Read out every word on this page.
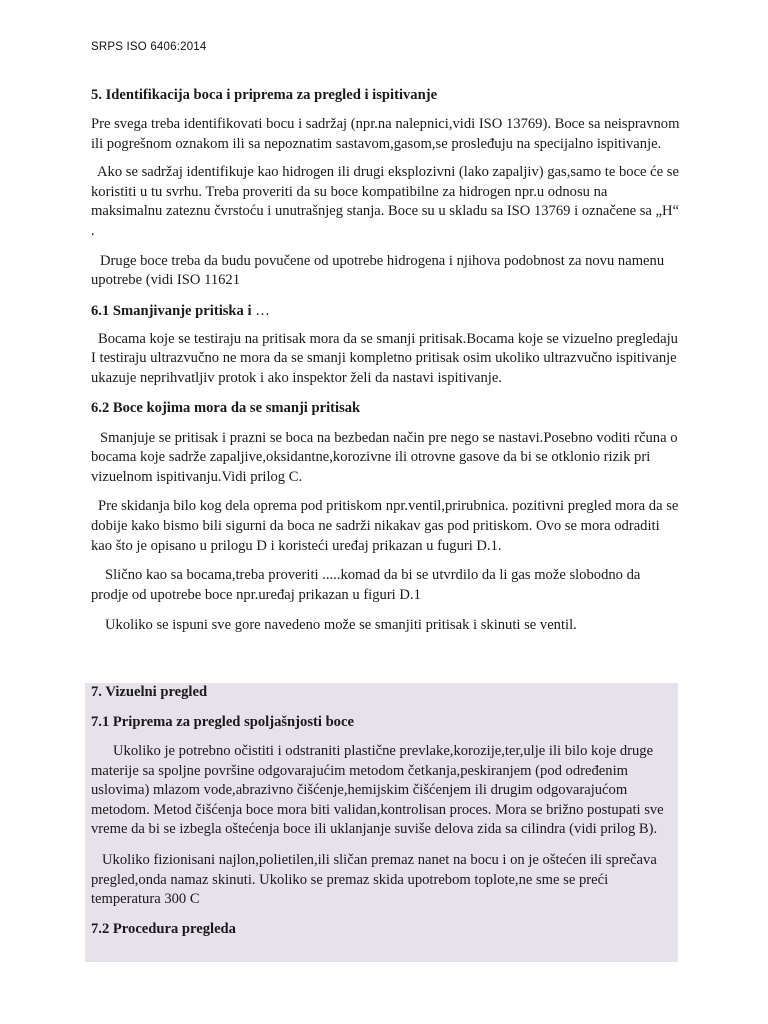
SRPS ISO 6406:2014
5. Identifikacija boca i priprema za pregled i ispitivanje

Pre svega treba identifikovati bocu i sadržaj (npr.na nalepnici,vidi ISO 13769). Boce sa neispravnom ili pogrešnom oznakom ili sa nepoznatim sastavom,gasom,se prosleđuju na specijalno ispitivanje.

Ako se sadržaj identifikuje kao hidrogen ili drugi eksplozivni (lako zapaljiv) gas,samo te boce će se koristiti u tu svrhu. Treba proveriti da su boce kompatibilne za hidrogen npr.u odnosu na maksimalnu zateznu čvrstoću i unutrašnjeg stanja. Boce su u skladu sa ISO 13769 i označene sa „H“ .

Druge boce treba da budu povučene od upotrebe hidrogena i njihova podobnost za novu namenu upotrebe (vidi ISO 11621

6.1 Smanjivanje pritiska i …

Bocama koje se testiraju na pritisak mora da se smanji pritisak.Bocama koje se vizuelno pregledaju I testiraju ultrazvučno ne mora da se smanji kompletno pritisak osim ukoliko ultrazvučno ispitivanje ukazuje neprihvatljiv protok i ako inspektor želi da nastavi ispitivanje.

6.2 Boce kojima mora da se smanji pritisak

Smanjuje se pritisak i prazni se boca na bezbedan način pre nego se nastavi.Posebno voditi rčuna o bocama koje sadrže zapaljive,oksidantne,korozivne ili otrovne gasove da bi se otklonio rizik pri vizuelnom ispitivanju.Vidi prilog C.

Pre skidanja bilo kog dela oprema pod pritiskom npr.ventil,prirubnica. pozitivni pregled mora da se dobije kako bismo bili sigurni da boca ne sadrži nikakav gas pod pritiskom. Ovo se mora odraditi kao što je opisano u prilogu D i koristeći uređaj prikazan u fuguri D.1.

Slično kao sa bocama,treba proveriti .....komad da bi se utvrdilo da li gas može slobodno da prodje od upotrebe boce npr.uređaj prikazan u figuri D.1

Ukoliko se ispuni sve gore navedeno može se smanjiti pritisak i skinuti se ventil.

7. Vizuelni pregled
7.1 Priprema za pregled spoljašnjosti boce

Ukoliko je potrebno očistiti i odstraniti plastične prevlake,korozije,ter,ulje ili bilo koje druge materije sa spoljne površine odgovarajućim metodom četkanja,peskiranjem (pod određenim uslovima) mlazom vode,abrazivno čišćenje,hemijskim čišćenjem ili drugim odgovarajućom metodom. Metod čišćenja boce mora biti validan,kontrolisan proces. Mora se brižno postupati sve vreme da bi se izbegla oštećenja boce ili uklanjanje suviše delova zida sa cilindra (vidi prilog B).

Ukoliko fizionisani najlon,polietilen,ili sličan premaz nanet na bocu i on je oštećen ili sprečava pregled,onda namaz skinuti. Ukoliko se premaz skida upotrebom toplote,ne sme se preći temperatura 300 C

7.2 Procedura pregleda
